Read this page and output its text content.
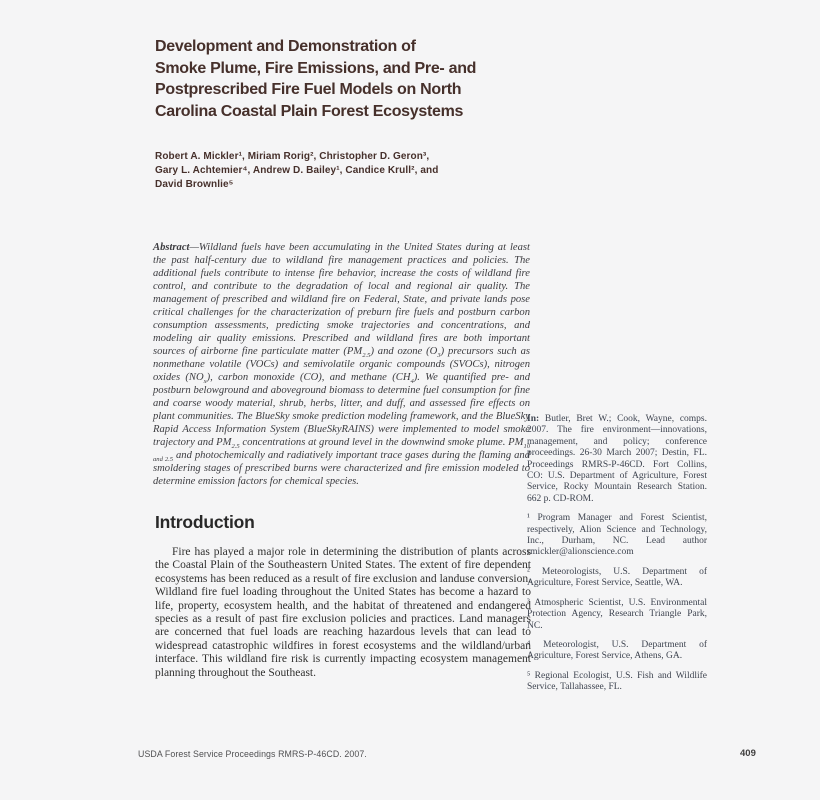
Development and Demonstration of
Smoke Plume, Fire Emissions, and Pre- and
Postprescribed Fire Fuel Models on North
Carolina Coastal Plain Forest Ecosystems
Robert A. Mickler¹, Miriam Rorig², Christopher D. Geron³,
Gary L. Achtemier⁴, Andrew D. Bailey¹, Candice Krull², and
David Brownlie⁵
Abstract—Wildland fuels have been accumulating in the United States during at least the past half-century due to wildland fire management practices and policies. The additional fuels contribute to intense fire behavior, increase the costs of wildland fire control, and contribute to the degradation of local and regional air quality. The management of prescribed and wildland fire on Federal, State, and private lands pose critical challenges for the characterization of preburn fire fuels and postburn carbon consumption assessments, predicting smoke trajectories and concentrations, and modeling air quality emissions. Prescribed and wildland fires are both important sources of airborne fine particulate matter $(PM_{2.5})$ and ozone $(O_3)$ precursors such as nonmethane volatile (VOCs) and semivolatile organic compounds (SVOCs), nitrogen oxides $(NO_x)$, carbon monoxide (CO), and methane $(CH_4)$. We quantified pre- and postburn belowground and aboveground biomass to determine fuel consumption for fine and coarse woody material, shrub, herbs, litter, and duff, and assessed fire effects on plant communities. The BlueSky smoke prediction modeling framework, and the BlueSky Rapid Access Information System (BlueSkyRAINS) were implemented to model smoke trajectory and $PM_{2.5}$ concentrations at ground level in the downwind smoke plume. $PM_{10 and 2.5}$ and photochemically and radiatively important trace gases during the flaming and smoldering stages of prescribed burns were characterized and fire emission modeled to determine emission factors for chemical species.

In: Butler, Bret W.; Cook, Wayne, comps. 2007. The fire environment—innovations, management, and policy; conference proceedings. 26-30 March 2007; Destin, FL. Proceedings RMRS-P-46CD. Fort Collins, CO: U.S. Department of Agriculture, Forest Service, Rocky Mountain Research Station. 662 p. CD-ROM.

¹ Program Manager and Forest Scientist, respectively, Alion Science and Technology, Inc., Durham, NC. Lead author rmickler@alionscience.com

² Meteorologists, U.S. Department of Agriculture, Forest Service, Seattle, WA.

³ Atmospheric Scientist, U.S. Environmental Protection Agency, Research Triangle Park, NC.

⁴ Meteorologist, U.S. Department of Agriculture, Forest Service, Athens, GA.

⁵ Regional Ecologist, U.S. Fish and Wildlife Service, Tallahassee, FL.

Introduction

Fire has played a major role in determining the distribution of plants across the Coastal Plain of the Southeastern United States. The extent of fire dependent ecosystems has been reduced as a result of fire exclusion and landuse conversion. Wildland fire fuel loading throughout the United States has become a hazard to life, property, ecosystem health, and the habitat of threatened and endangered species as a result of past fire exclusion policies and practices. Land managers are concerned that fuel loads are reaching hazardous levels that can lead to widespread catastrophic wildfires in forest ecosystems and the wildland/urban interface. This wildland fire risk is currently impacting ecosystem management planning throughout the Southeast.

USDA Forest Service Proceedings RMRS-P-46CD. 2007.	409
